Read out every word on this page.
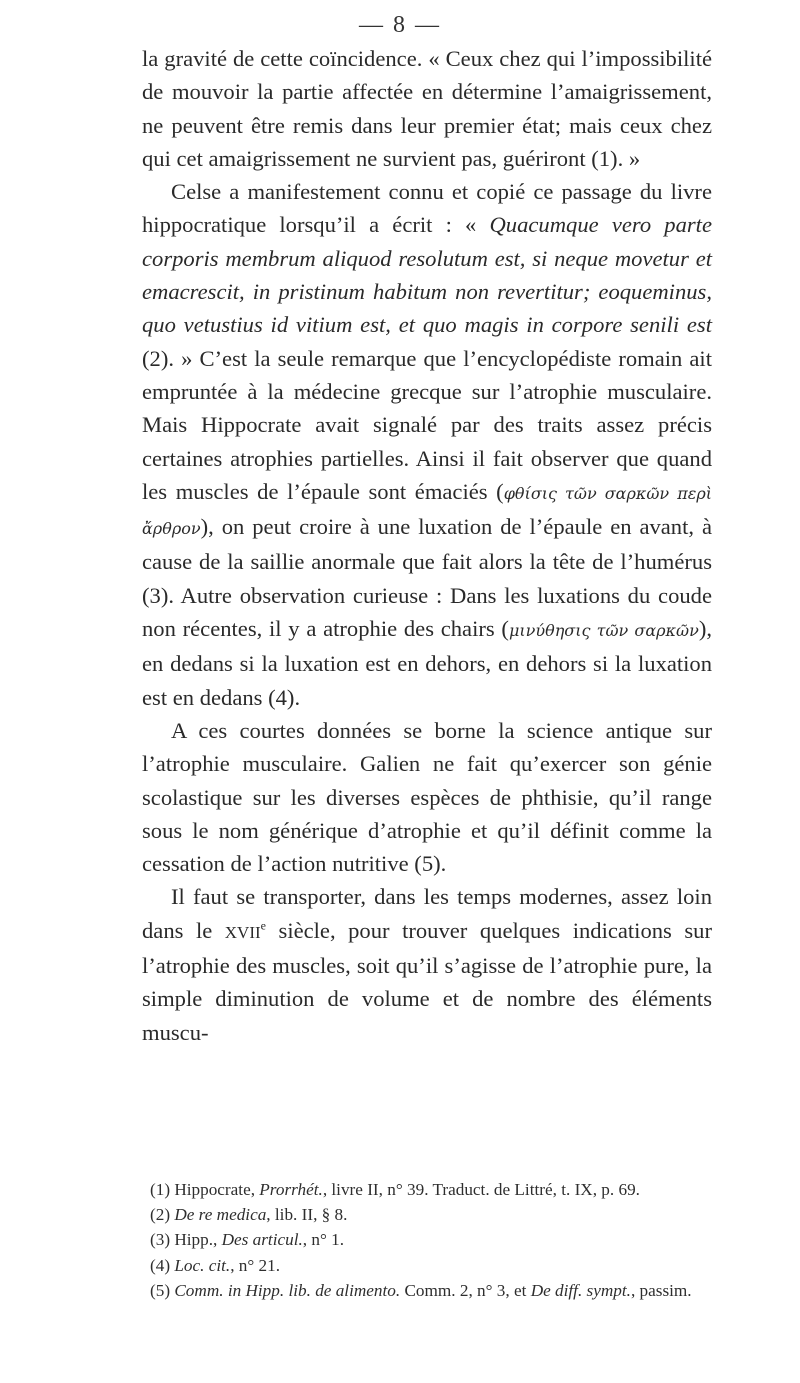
— 8 —

la gravité de cette coïncidence. « Ceux chez qui l’impossibilité de mouvoir la partie affectée en détermine l’amaigrissement, ne peuvent être remis dans leur premier état; mais ceux chez qui cet amaigrissement ne survient pas, guériront (1). »

Celse a manifestement connu et copié ce passage du livre hippocratique lorsqu’il a écrit : « Quacumque vero parte corporis membrum aliquod resolutum est, si neque movetur et emacrescit, in pristinum habitum non revertitur; eoqueminus, quo vetustius id vitium est, et quo magis in corpore senili est (2). » C’est la seule remarque que l’encyclopédiste romain ait empruntée à la médecine grecque sur l’atrophie musculaire. Mais Hippocrate avait signalé par des traits assez précis certaines atrophies partielles. Ainsi il fait observer que quand les muscles de l’épaule sont émaciés (φθίσις τῶν σαρκῶν περὶ ἄρθρον), on peut croire à une luxation de l’épaule en avant, à cause de la saillie anormale que fait alors la tête de l’humérus (3). Autre observation curieuse : Dans les luxations du coude non récentes, il y a atrophie des chairs (μινύθησις τῶν σαρκῶν), en dedans si la luxation est en dehors, en dehors si la luxation est en dedans (4).

A ces courtes données se borne la science antique sur l’atrophie musculaire. Galien ne fait qu’exercer son génie scolastique sur les diverses espèces de phthisie, qu’il range sous le nom générique d’atrophie et qu’il définit comme la cessation de l’action nutritive (5).

Il faut se transporter, dans les temps modernes, assez loin dans le XVIIe siècle, pour trouver quelques indications sur l’atrophie des muscles, soit qu’il s’agisse de l’atrophie pure, la simple diminution de volume et de nombre des éléments muscu-

(1) Hippocrate, Prorrhét., livre II, n° 39. Traduct. de Littré, t. IX, p. 69.

(2) De re medica, lib. II, § 8.

(3) Hipp., Des articul., n° 1.

(4) Loc. cit., n° 21.

(5) Comm. in Hipp. lib. de alimento. Comm. 2, n° 3, et De diff. sympt., passim.
